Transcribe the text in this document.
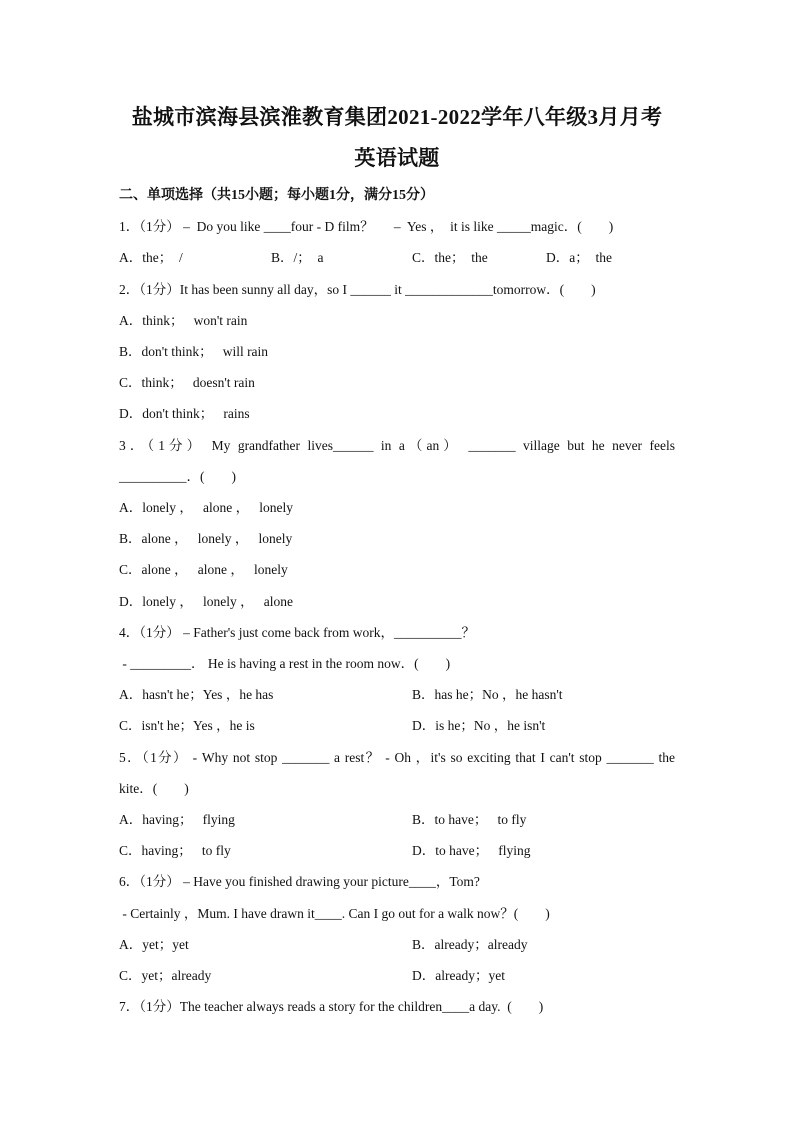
盐城市滨海县滨淮教育集团2021-2022学年八年级3月月考
英语试题
二、单项选择（共15小题；每小题1分，满分15分）
1．（1分） –  Do you like ____four - D film？      –  Yes ，  it is like _____magic．(        )
A．the；  /	B．/；  a	C．the；  the	D．a；  the
2．（1分）It has been sunny all day，so I ______ it _____________tomorrow．(        )
A．think；   won't rain
B．don't think；   will rain
C．think；   doesn't rain
D．don't think；   rains
3．（1分） My grandfather lives______ in a（an） _______ village but he never feels
__________．(        )
A．lonely ，   alone ，   lonely
B．alone ，   lonely ，   lonely
C．alone ，   alone ，   lonely
D．lonely ，   lonely ，   alone
4．（1分） – Father's just come back from work，__________？
- _________． He is having a rest in the room now．(        )
A．hasn't he；Yes ，he has	B．has he；No ，he hasn't
C．isn't he；Yes ，he is	D．is he；No ，he isn't
5．（1分） - Why not stop _______ a rest？ - Oh ，it's so exciting that I can't stop _______ the
kite．(        )
A．having；   flying	B．to have；   to fly
C．having；   to fly	D．to have；   flying
6．（1分） – Have you finished drawing your picture____，Tom?
- Certainly ，Mum. I have drawn it____. Can I go out for a walk now？(        )
A．yet；yet	B．already；already
C．yet；already	D．already；yet
7．（1分）The teacher always reads a story for the children____a day.  (        )
